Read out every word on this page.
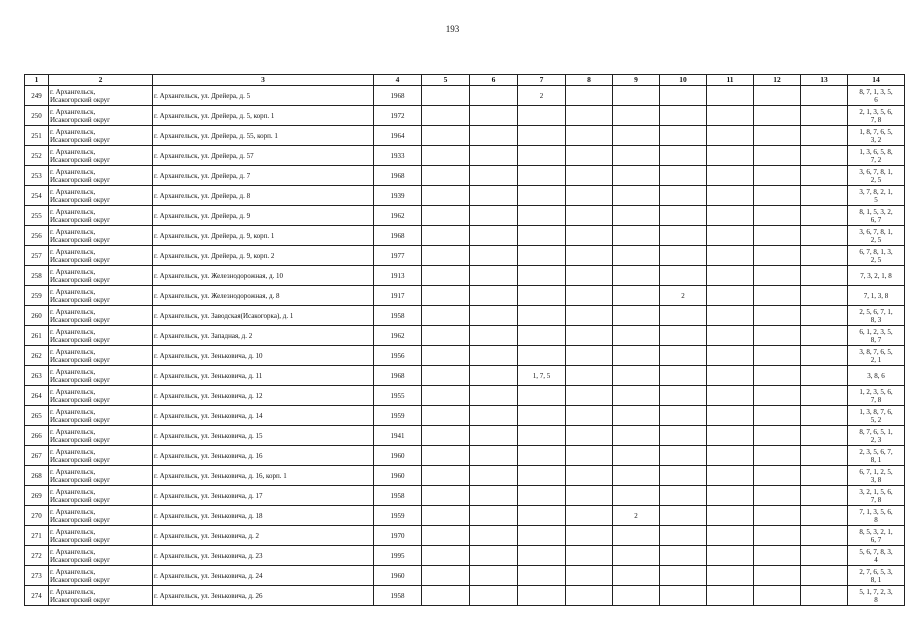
193
1	2	3	4	5	6	7	8	9	10	11	12	13	14
249	г. Архангельск,
Исакогорский округ	г. Архангельск, ул. Дрейера, д. 5	1968			2							8, 7, 1, 3, 5,
6
250	г. Архангельск,
Исакогорский округ	г. Архангельск, ул. Дрейера, д. 5, корп. 1	1972										2, 1, 3, 5, 6,
7, 8
251	г. Архангельск,
Исакогорский округ	г. Архангельск, ул. Дрейера, д. 55, корп. 1	1964										1, 8, 7, 6, 5,
3, 2
252	г. Архангельск,
Исакогорский округ	г. Архангельск, ул. Дрейера, д. 57	1933										1, 3, 6, 5, 8,
7, 2
253	г. Архангельск,
Исакогорский округ	г. Архангельск, ул. Дрейера, д. 7	1968										3, 6, 7, 8, 1,
2, 5
254	г. Архангельск,
Исакогорский округ	г. Архангельск, ул. Дрейера, д. 8	1939										3, 7, 8, 2, 1,
5
255	г. Архангельск,
Исакогорский округ	г. Архангельск, ул. Дрейера, д. 9	1962										8, 1, 5, 3, 2,
6, 7
256	г. Архангельск,
Исакогорский округ	г. Архангельск, ул. Дрейера, д. 9, корп. 1	1968										3, 6, 7, 8, 1,
2, 5
257	г. Архангельск,
Исакогорский округ	г. Архангельск, ул. Дрейера, д. 9, корп. 2	1977										6, 7, 8, 1, 3,
2, 5
258	г. Архангельск,
Исакогорский округ	г. Архангельск, ул. Железнодорожная, д. 10	1913										7, 3, 2, 1, 8
259	г. Архангельск,
Исакогорский округ	г. Архангельск, ул. Железнодорожная, д. 8	1917						2				7, 1, 3, 8
260	г. Архангельск,
Исакогорский округ	г. Архангельск, ул. Заводская(Исакогорка), д. 1	1958										2, 5, 6, 7, 1,
8, 3
261	г. Архангельск,
Исакогорский округ	г. Архангельск, ул. Западная, д. 2	1962										6, 1, 2, 3, 5,
8, 7
262	г. Архангельск,
Исакогорский округ	г. Архангельск, ул. Зеньковича, д. 10	1956										3, 8, 7, 6, 5,
2, 1
263	г. Архангельск,
Исакогорский округ	г. Архангельск, ул. Зеньковича, д. 11	1968			1, 7, 5							3, 8, 6
264	г. Архангельск,
Исакогорский округ	г. Архангельск, ул. Зеньковича, д. 12	1955										1, 2, 3, 5, 6,
7, 8
265	г. Архангельск,
Исакогорский округ	г. Архангельск, ул. Зеньковича, д. 14	1959										1, 3, 8, 7, 6,
5, 2
266	г. Архангельск,
Исакогорский округ	г. Архангельск, ул. Зеньковича, д. 15	1941										8, 7, 6, 5, 1,
2, 3
267	г. Архангельск,
Исакогорский округ	г. Архангельск, ул. Зеньковича, д. 16	1960										2, 3, 5, 6, 7,
8, 1
268	г. Архангельск,
Исакогорский округ	г. Архангельск, ул. Зеньковича, д. 16, корп. 1	1960										6, 7, 1, 2, 5,
3, 8
269	г. Архангельск,
Исакогорский округ	г. Архангельск, ул. Зеньковича, д. 17	1958										3, 2, 1, 5, 6,
7, 8
270	г. Архангельск,
Исакогорский округ	г. Архангельск, ул. Зеньковича, д. 18	1959					2					7, 1, 3, 5, 6,
8
271	г. Архангельск,
Исакогорский округ	г. Архангельск, ул. Зеньковича, д. 2	1970										8, 5, 3, 2, 1,
6, 7
272	г. Архангельск,
Исакогорский округ	г. Архангельск, ул. Зеньковича, д. 23	1995										5, 6, 7, 8, 3,
4
273	г. Архангельск,
Исакогорский округ	г. Архангельск, ул. Зеньковича, д. 24	1960										2, 7, 6, 5, 3,
8, 1
274	г. Архангельск,
Исакогорский округ	г. Архангельск, ул. Зеньковича, д. 26	1958										5, 1, 7, 2, 3,
8
